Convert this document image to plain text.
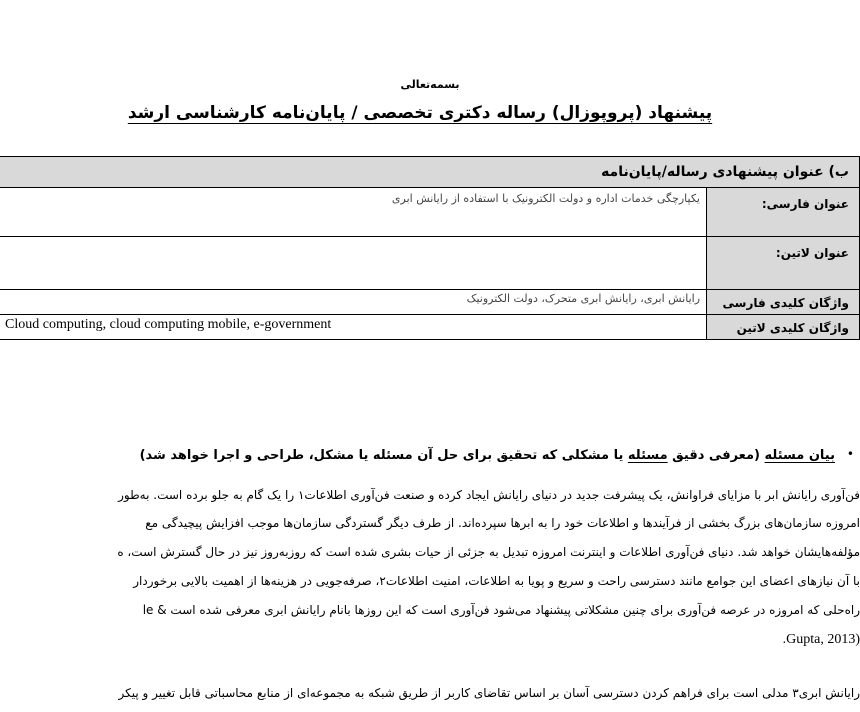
بسمه‌تعالی
پیشنهاد (پروپوزال) رساله دکتری تخصصی / پایان‌نامه کارشناسی ارشد
ب) عنوان پیشنهادی رساله/پایان‌نامه	

عنوان فارسی:	یکپارچگی خدمات اداره و دولت الکترونیک با استفاده از رایانش ابری

عنوان لاتین:	

واژگان کلیدی فارسی	رایانش ابری، رایانش ابری متحرک، دولت الکترونیک

واژگان کلیدی لاتین	Cloud computing, cloud computing mobile, e-government
•
بیان مسئله (معرفی دقیق مسئله یا مشکلی که تحقیق برای حل آن مسئله یا مشکل، طراحی و اجرا خواهد شد)
فن‌آوری رایانش ابر با مزایای فراوانش، یک پیشرفت جدید در دنیای رایانش ایجاد کرده و صنعت فن‌آوری اطلاعات۱ را یک گام به جلو برده است. به‌طور
امروزه سازمان‌های بزرگ بخشی از فرآیندها و اطلاعات خود را به ابرها سپرده‌اند. از طرف دیگر گستردگی سازمان‌ها موجب افزایش پیچیدگی مع
مؤلفه‌هایشان خواهد شد. دنیای فن‌آوری اطلاعات و اینترنت امروزه تبدیل به جزئی از حیات بشری شده است که روزبه‌روز نیز در حال گسترش است، ه
با آن نیازهای اعضای این جوامع مانند دسترسی راحت و سریع و پویا به اطلاعات، امنیت اطلاعات۲، صرفه‌جویی در هزینه‌ها از اهمیت بالایی برخوردار
راه‌حلی که امروزه در عرصه فن‌آوری برای چنین مشکلاتی پیشنهاد می‌شود فن‌آوری است که این روزها بانام رایانش ابری معرفی شده است & le
.Gupta, 2013)
رایانش ابری۳ مدلی است برای فراهم کردن دسترسی آسان بر اساس تقاضای کاربر از طریق شبکه به مجموعه‌ای از منابع محاسباتی قابل تغییر و پیکر
